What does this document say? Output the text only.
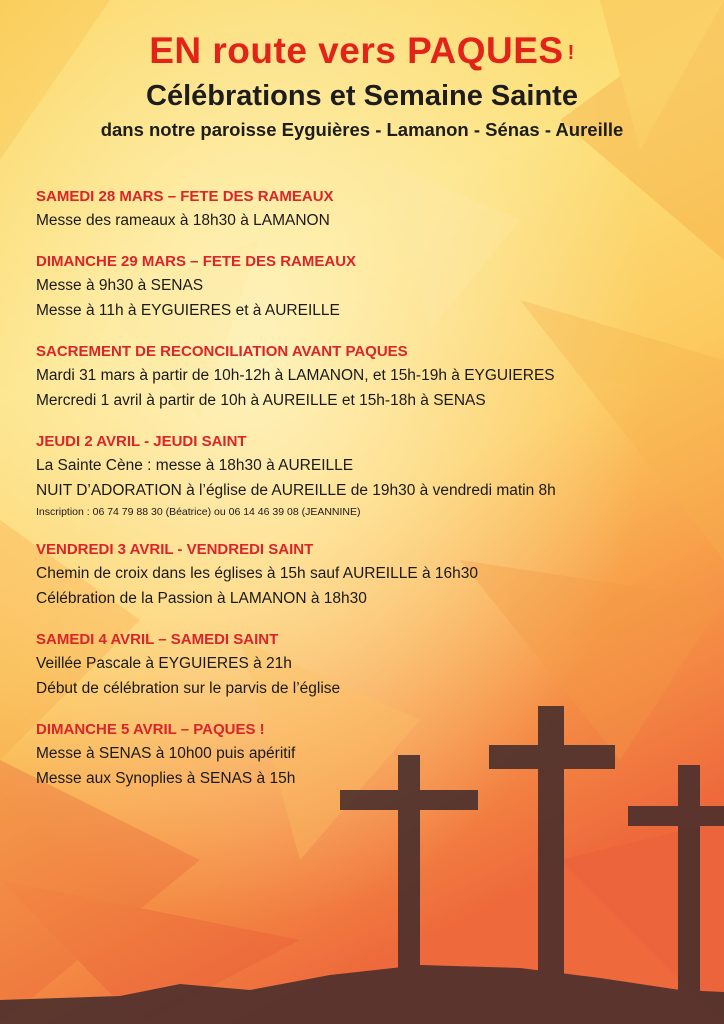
EN route vers PAQUES !
Célébrations et Semaine Sainte
dans notre paroisse Eyguières - Lamanon - Sénas - Aureille
SAMEDI 28 MARS – FETE DES RAMEAUX
Messe des rameaux à 18h30 à LAMANON
DIMANCHE 29 MARS – FETE DES RAMEAUX
Messe à 9h30 à SENAS
Messe à 11h à EYGUIERES et à AUREILLE
SACREMENT DE RECONCILIATION AVANT PAQUES
Mardi 31 mars à partir de 10h-12h à LAMANON, et 15h-19h à EYGUIERES
Mercredi 1 avril à partir de 10h à AUREILLE et 15h-18h à SENAS
JEUDI 2 AVRIL - JEUDI SAINT
La Sainte Cène : messe à 18h30 à AUREILLE
NUIT D’ADORATION à l’église de AUREILLE de 19h30 à vendredi matin 8h
Inscription : 06 74 79 88 30 (Béatrice) ou 06 14 46 39 08 (JEANNINE)
VENDREDI 3 AVRIL - VENDREDI SAINT
Chemin de croix dans les églises à 15h sauf AUREILLE à 16h30
Célébration de la Passion à LAMANON à 18h30
SAMEDI 4 AVRIL – SAMEDI SAINT
Veillée Pascale à EYGUIERES à 21h
Début de célébration sur le parvis de l’église
DIMANCHE 5 AVRIL – PAQUES !
Messe à SENAS à 10h00 puis apéritif
Messe aux Synoplies à SENAS à 15h
